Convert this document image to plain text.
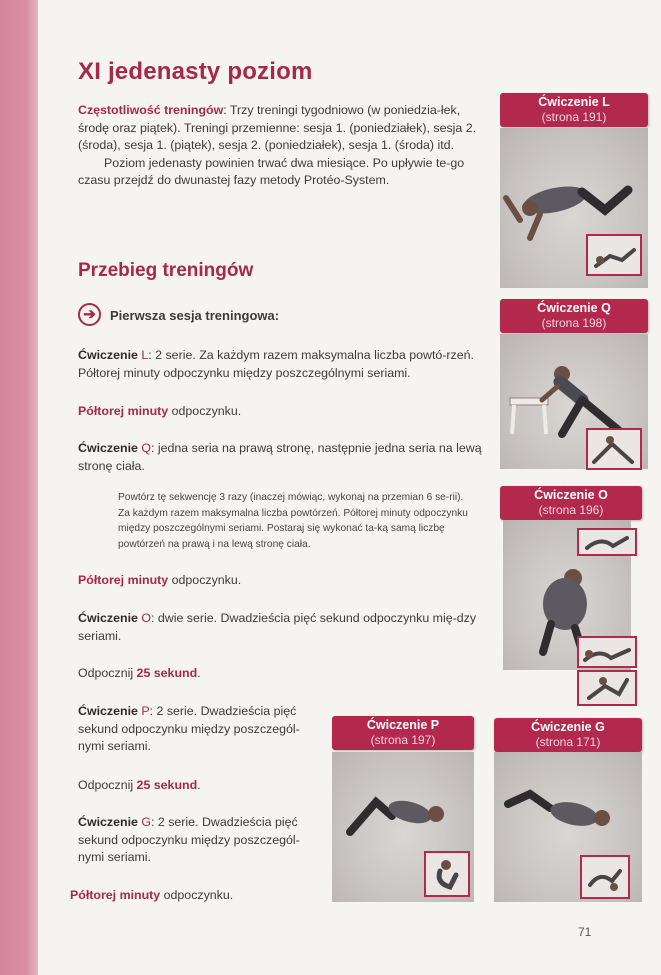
XI jedenasty poziom
Częstotliwość treningów: Trzy treningi tygodniowo (w poniedzia-łek, środę oraz piątek). Treningi przemienne: sesja 1. (poniedziałek), sesja 2. (środa), sesja 1. (piątek), sesja 2. (poniedziałek), sesja 1. (środa) itd.
Poziom jedenasty powinien trwać dwa miesiące. Po upływie te-go czasu przejdź do dwunastej fazy metody Protéo-System.
Przebieg treningów
➔	Pierwsza sesja treningowa:
Ćwiczenie L: 2 serie. Za każdym razem maksymalna liczba powtó-rzeń. Półtorej minuty odpoczynku między poszczególnymi seriami.
Półtorej minuty odpoczynku.
Ćwiczenie Q: jedna seria na prawą stronę, następnie jedna seria na lewą stronę ciała.
Powtórz tę sekwencję 3 razy (inaczej mówiąc, wykonaj na przemian 6 se-rii). Za każdym razem maksymalna liczba powtórzeń. Półtorej minuty odpoczynku między poszczególnymi seriami. Postaraj się wykonać ta-ką samą liczbę powtórzeń na prawą i na lewą stronę ciała.
Półtorej minuty odpoczynku.
Ćwiczenie O: dwie serie. Dwadzieścia pięć sekund odpoczynku mię-dzy seriami.
Odpocznij 25 sekund.
Ćwiczenie P: 2 serie. Dwadzieścia pięć sekund odpoczynku między poszczegól-nymi seriami.
Odpocznij 25 sekund.
Ćwiczenie G: 2 serie. Dwadzieścia pięć sekund odpoczynku między poszczegól-nymi seriami.
Półtorej minuty odpoczynku.
Ćwiczenie L
(strona 191)
Ćwiczenie Q
(strona 198)
Ćwiczenie O
(strona 196)
Ćwiczenie P
(strona 197)
Ćwiczenie G
(strona 171)
71
